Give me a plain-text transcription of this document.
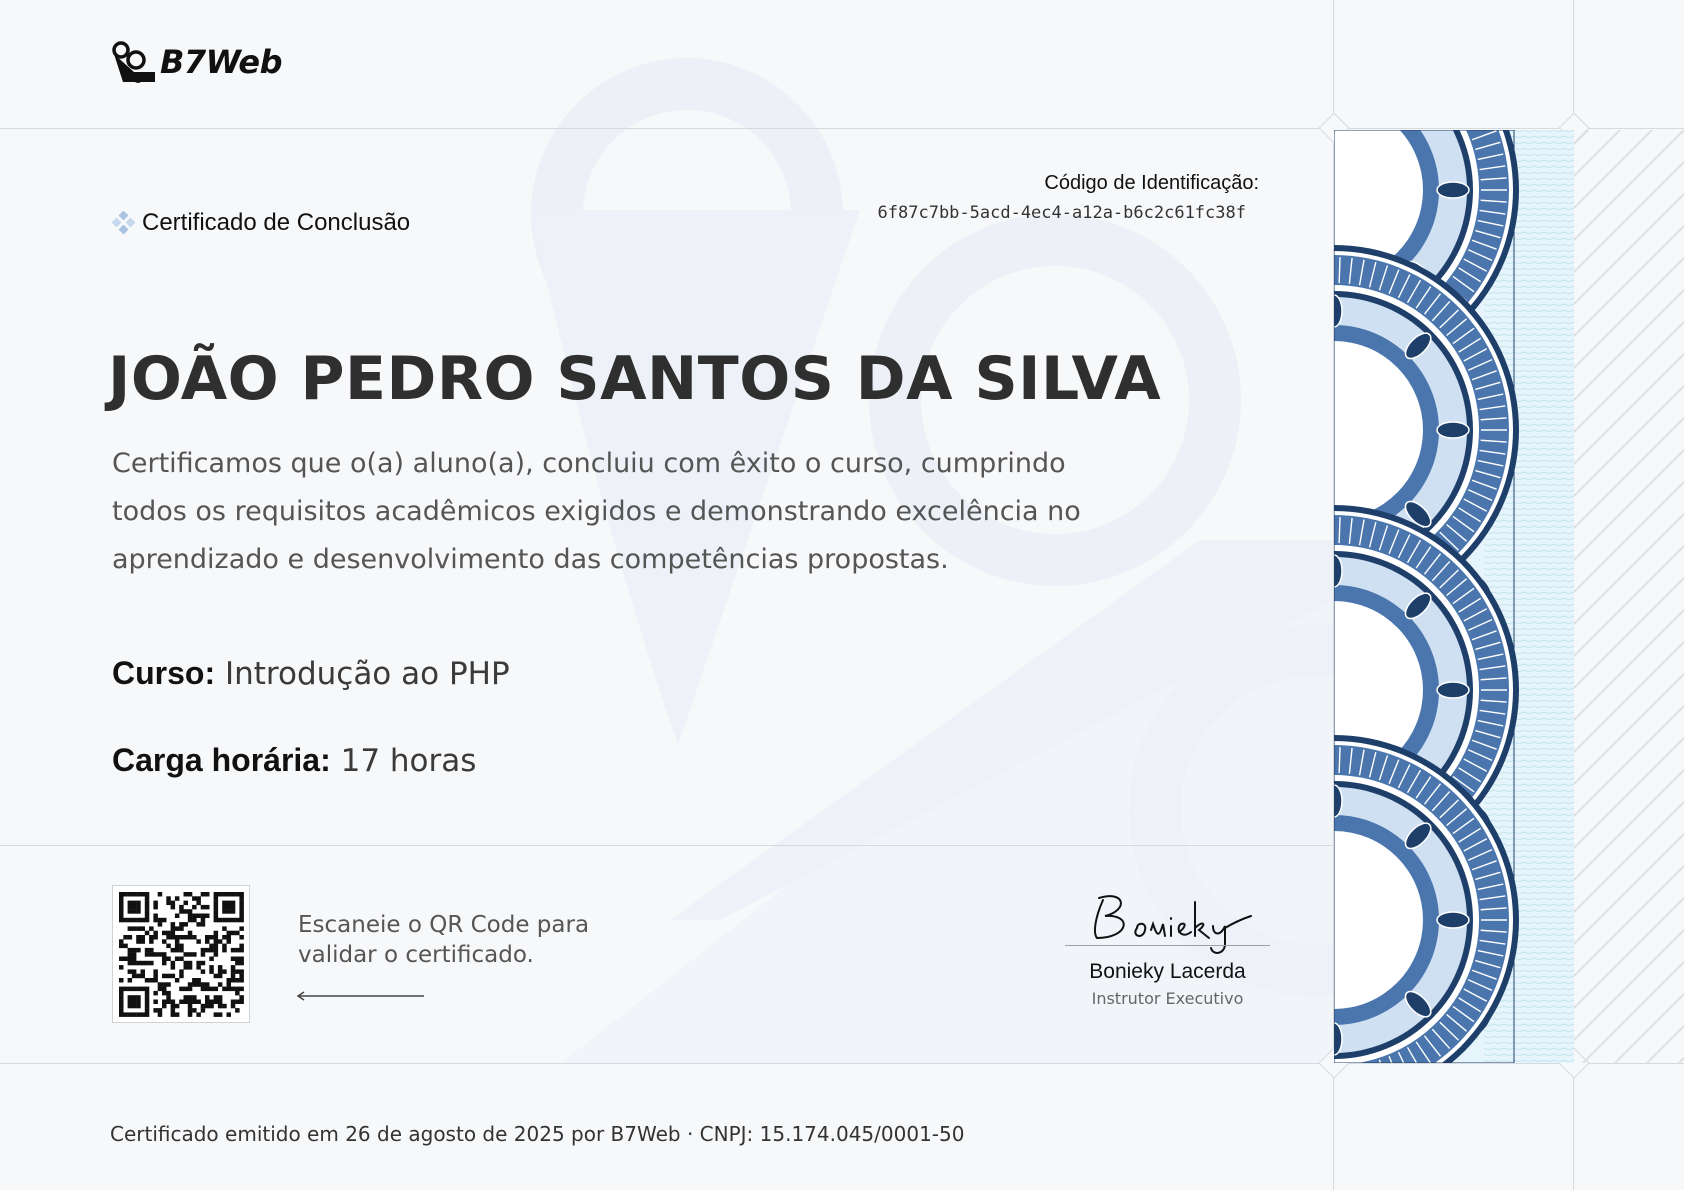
B7Web
Certificado de Conclusão
Código de Identificação:
6f87c7bb-5acd-4ec4-a12a-b6c2c61fc38f
JOÃO PEDRO SANTOS DA SILVA

Certificamos que o(a) aluno(a), concluiu com êxito o curso, cumprindo todos os requisitos acadêmicos exigidos e demonstrando excelência no aprendizado e desenvolvimento das competências propostas.

Curso: Introdução ao PHP
Carga horária: 17 horas
Escaneie o QR Code para
validar o certificado.
Bonieky Lacerda
Instrutor Executivo
Certificado emitido em 26 de agosto de 2025 por B7Web · CNPJ: 15.174.045/0001-50
